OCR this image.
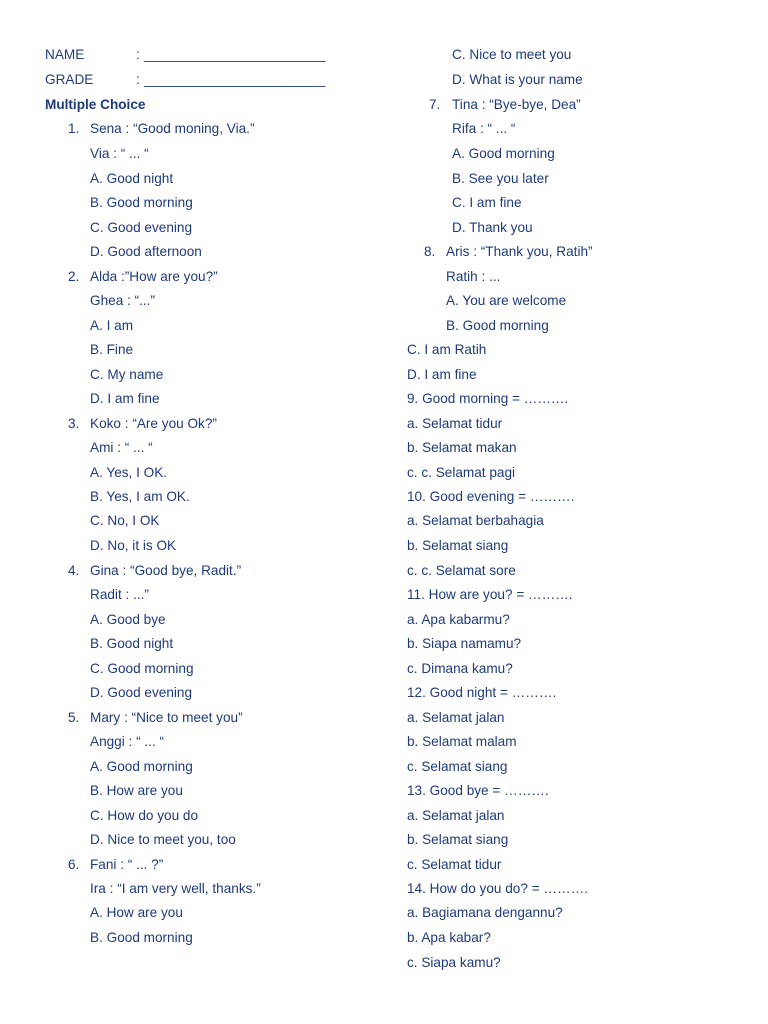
NAME	: ________________________
GRADE	: ________________________
Multiple Choice
1. Sena : “Good moning, Via.”
Via : “ ... “
A. Good night
B. Good morning
C. Good evening
D. Good afternoon
2. Alda :”How are you?”
Ghea : “...”
A. I am
B. Fine
C. My name
D. I am fine
3. Koko : “Are you Ok?”
Ami : “ ... “
A. Yes, I OK.
B. Yes, I am OK.
C. No, I OK
D. No, it is OK
4. Gina : “Good bye, Radit.”
Radit : ...”
A. Good bye
B. Good night
C. Good morning
D. Good evening
5. Mary : “Nice to meet you”
Anggi : “ ... “
A. Good morning
B. How are you
C. How do you do
D. Nice to meet you, too
6. Fani : “ ... ?”
Ira : “I am very well, thanks.”
A. How are you
B. Good morning
C. Nice to meet you
D. What is your name
7. Tina : “Bye-bye, Dea”
Rifa : “ ... “
A. Good morning
B. See you later
C. I am fine
D. Thank you
8. Aris : “Thank you, Ratih”
Ratih : ...
A. You are welcome
B. Good morning
C. I am Ratih
D. I am fine
9. Good morning = ……….
a. Selamat tidur
b. Selamat makan
c. c. Selamat pagi
10. Good evening = ……….
a. Selamat berbahagia
b. Selamat siang
c. c. Selamat sore
11. How are you? = ……….
a. Apa kabarmu?
b. Siapa namamu?
c. Dimana kamu?
12. Good night = ……….
a. Selamat jalan
b. Selamat malam
c. Selamat siang
13. Good bye = ……….
a. Selamat jalan
b. Selamat siang
c. Selamat tidur
14. How do you do? = ……….
a. Bagiamana dengannu?
b. Apa kabar?
c. Siapa kamu?
